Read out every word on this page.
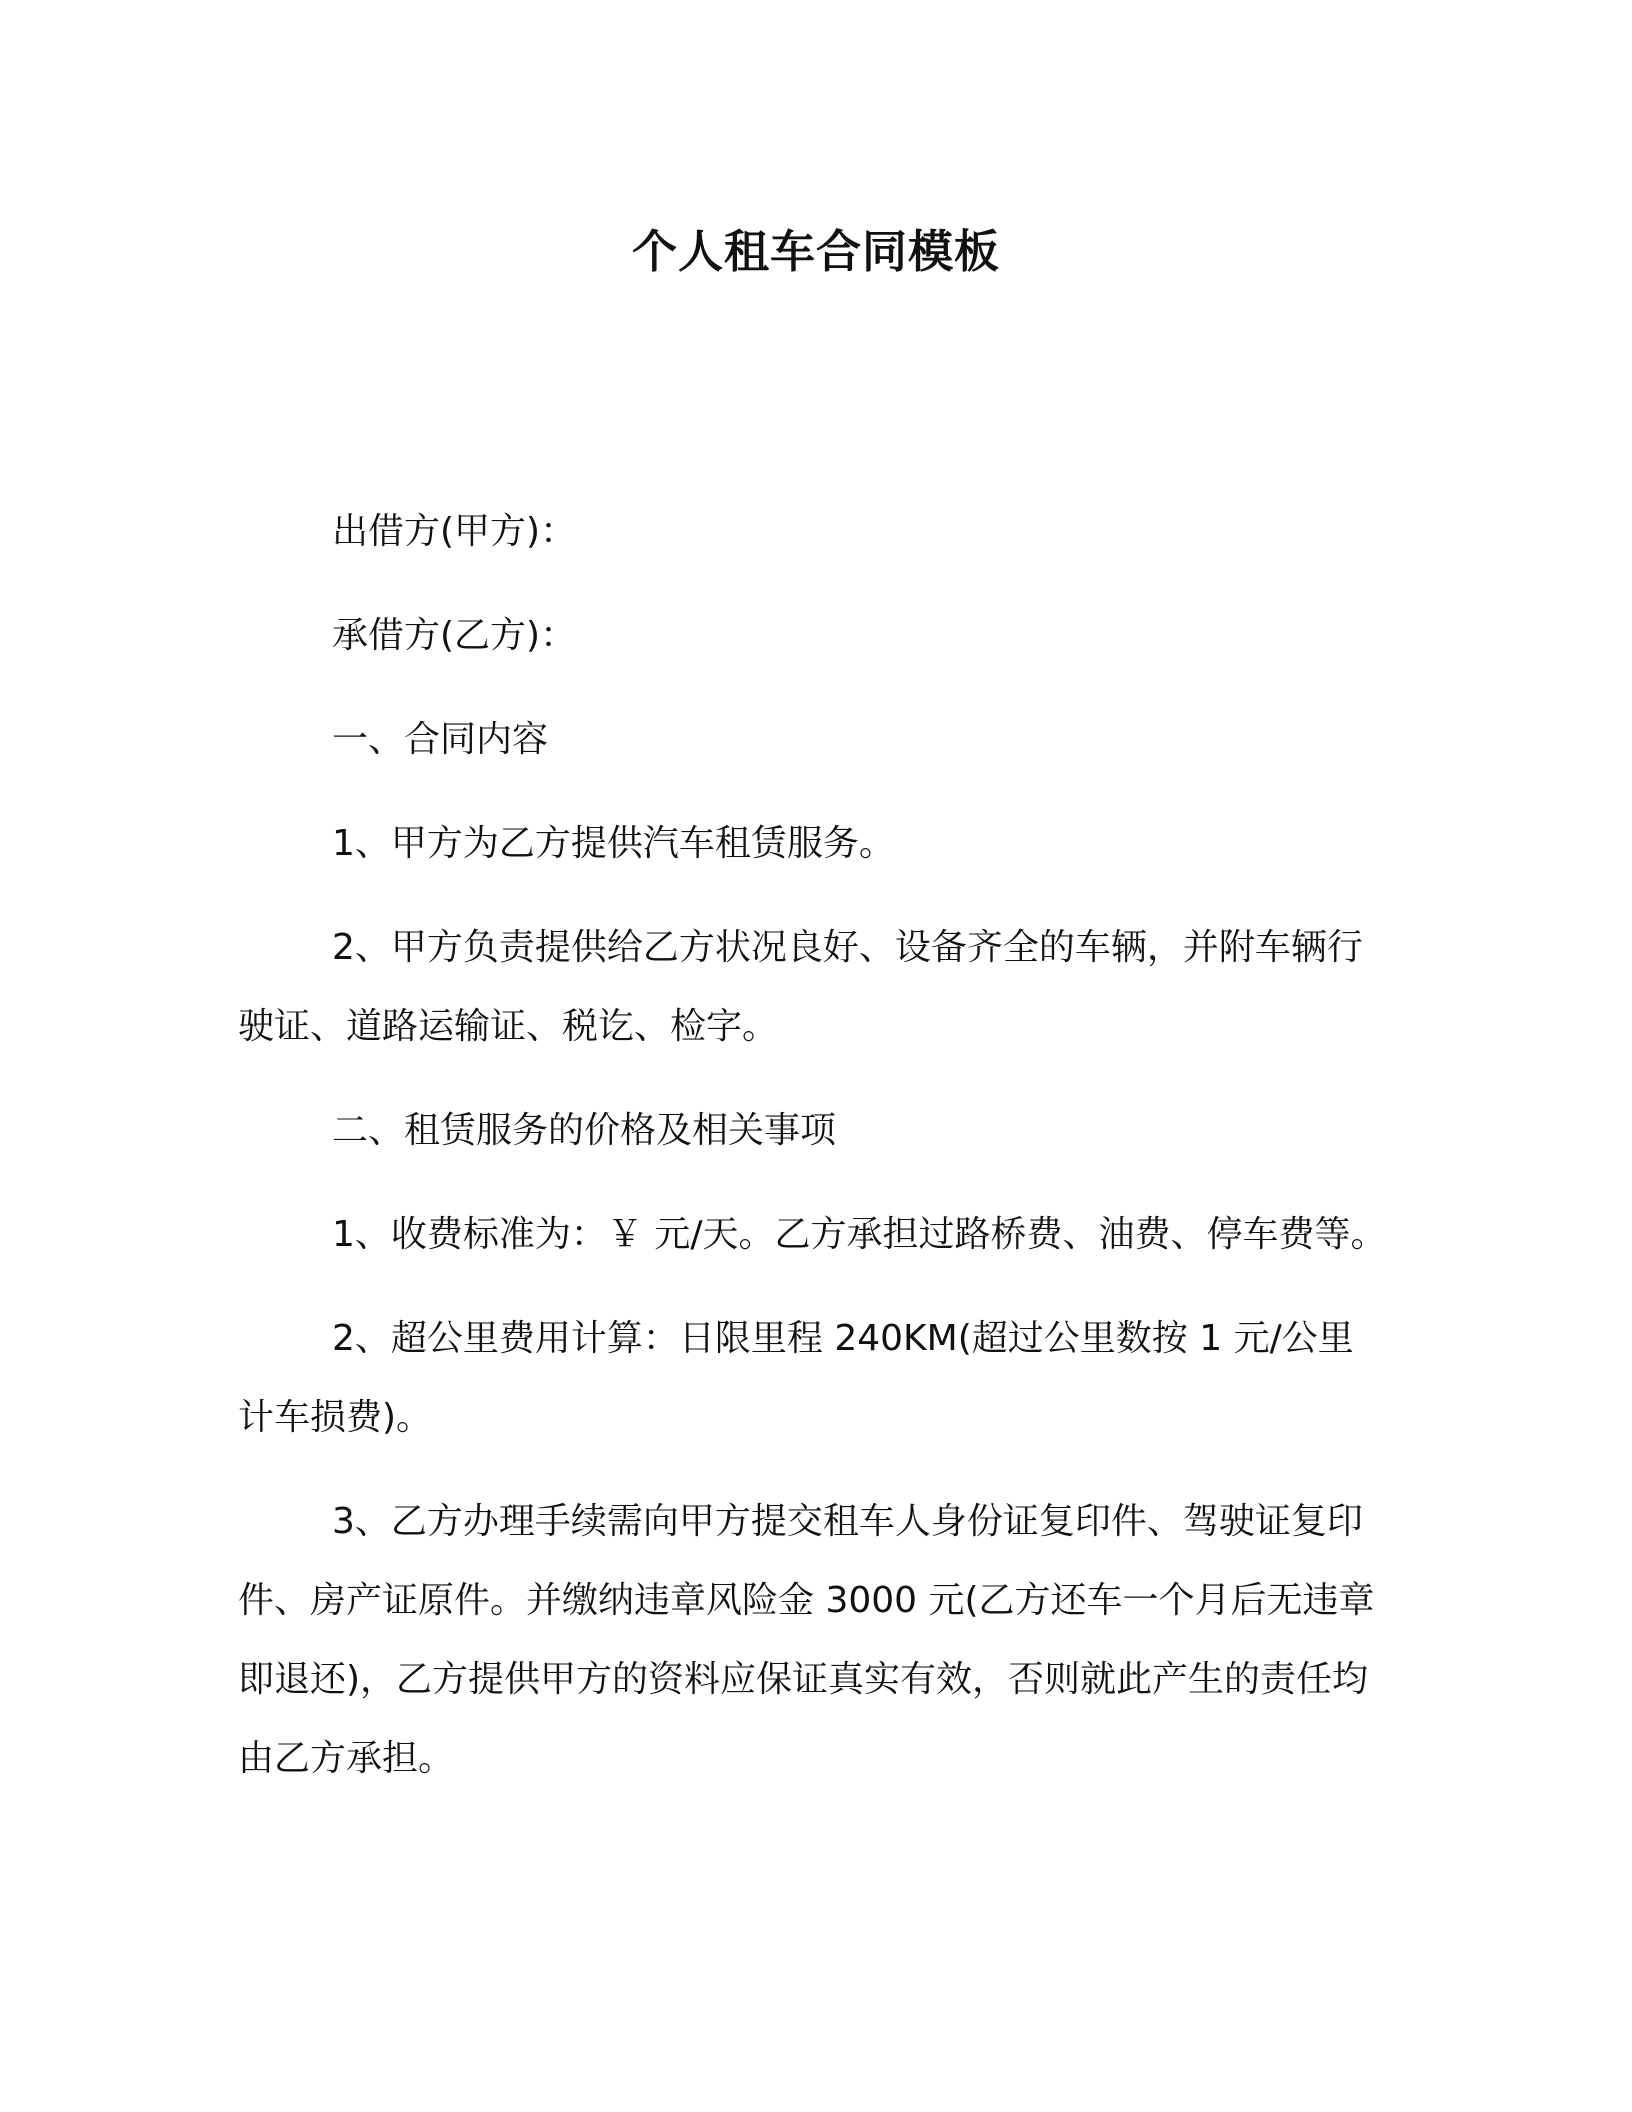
个人租车合同模板

出借方(甲方)：

承借方(乙方)：

一、合同内容

1、甲方为乙方提供汽车租赁服务。

2、甲方负责提供给乙方状况良好、设备齐全的车辆，并附车辆行驶证、道路运输证、税讫、检字。

二、租赁服务的价格及相关事项

1、收费标准为：￥ 元/天。乙方承担过路桥费、油费、停车费等。

2、超公里费用计算：日限里程 240KM(超过公里数按 1 元/公里计车损费)。

3、乙方办理手续需向甲方提交租车人身份证复印件、驾驶证复印件、房产证原件。并缴纳违章风险金 3000 元(乙方还车一个月后无违章即退还)，乙方提供甲方的资料应保证真实有效，否则就此产生的责任均由乙方承担。
